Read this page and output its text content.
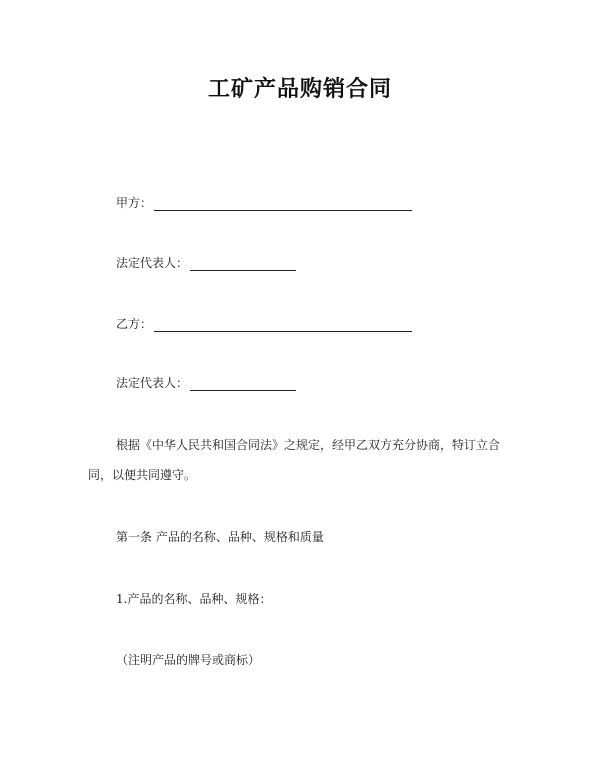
工矿产品购销合同
甲方：
法定代表人：
乙方：
法定代表人：

根据《中华人民共和国合同法》之规定，经甲乙双方充分协商，特订立合同，以便共同遵守。

第一条 产品的名称、品种、规格和质量

1.产品的名称、品种、规格：

（注明产品的牌号或商标）
